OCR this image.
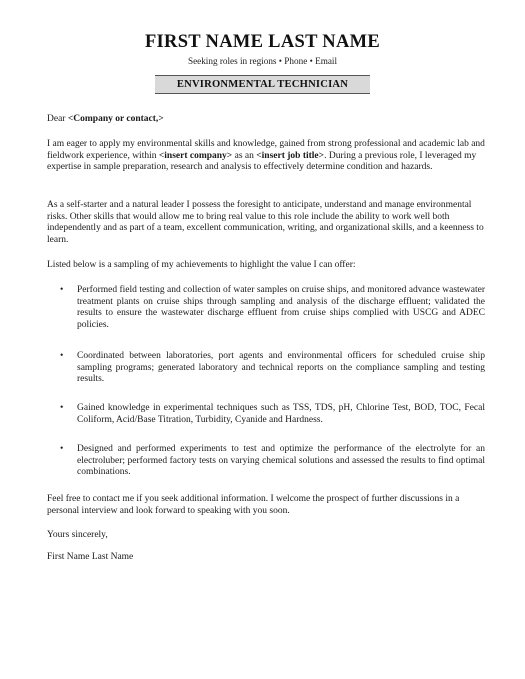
FIRST NAME LAST NAME
Seeking roles in regions • Phone • Email
ENVIRONMENTAL TECHNICIAN

Dear <Company or contact,>

I am eager to apply my environmental skills and knowledge, gained from strong professional and academic lab and fieldwork experience, within <insert company> as an <insert job title>. During a previous role, I leveraged my expertise in sample preparation, research and analysis to effectively determine condition and hazards.

As a self-starter and a natural leader I possess the foresight to anticipate, understand and manage environmental risks. Other skills that would allow me to bring real value to this role include the ability to work well both independently and as part of a team, excellent communication, writing, and organizational skills, and a keenness to learn.

Listed below is a sampling of my achievements to highlight the value I can offer:

• Performed field testing and collection of water samples on cruise ships, and monitored advance wastewater treatment plants on cruise ships through sampling and analysis of the discharge effluent; validated the results to ensure the wastewater discharge effluent from cruise ships complied with USCG and ADEC policies.
• Coordinated between laboratories, port agents and environmental officers for scheduled cruise ship sampling programs; generated laboratory and technical reports on the compliance sampling and testing results.
• Gained knowledge in experimental techniques such as TSS, TDS, pH, Chlorine Test, BOD, TOC, Fecal Coliform, Acid/Base Titration, Turbidity, Cyanide and Hardness.
• Designed and performed experiments to test and optimize the performance of the electrolyte for an electroluber; performed factory tests on varying chemical solutions and assessed the results to find optimal combinations.

Feel free to contact me if you seek additional information. I welcome the prospect of further discussions in a personal interview and look forward to speaking with you soon.

Yours sincerely,

First Name Last Name
